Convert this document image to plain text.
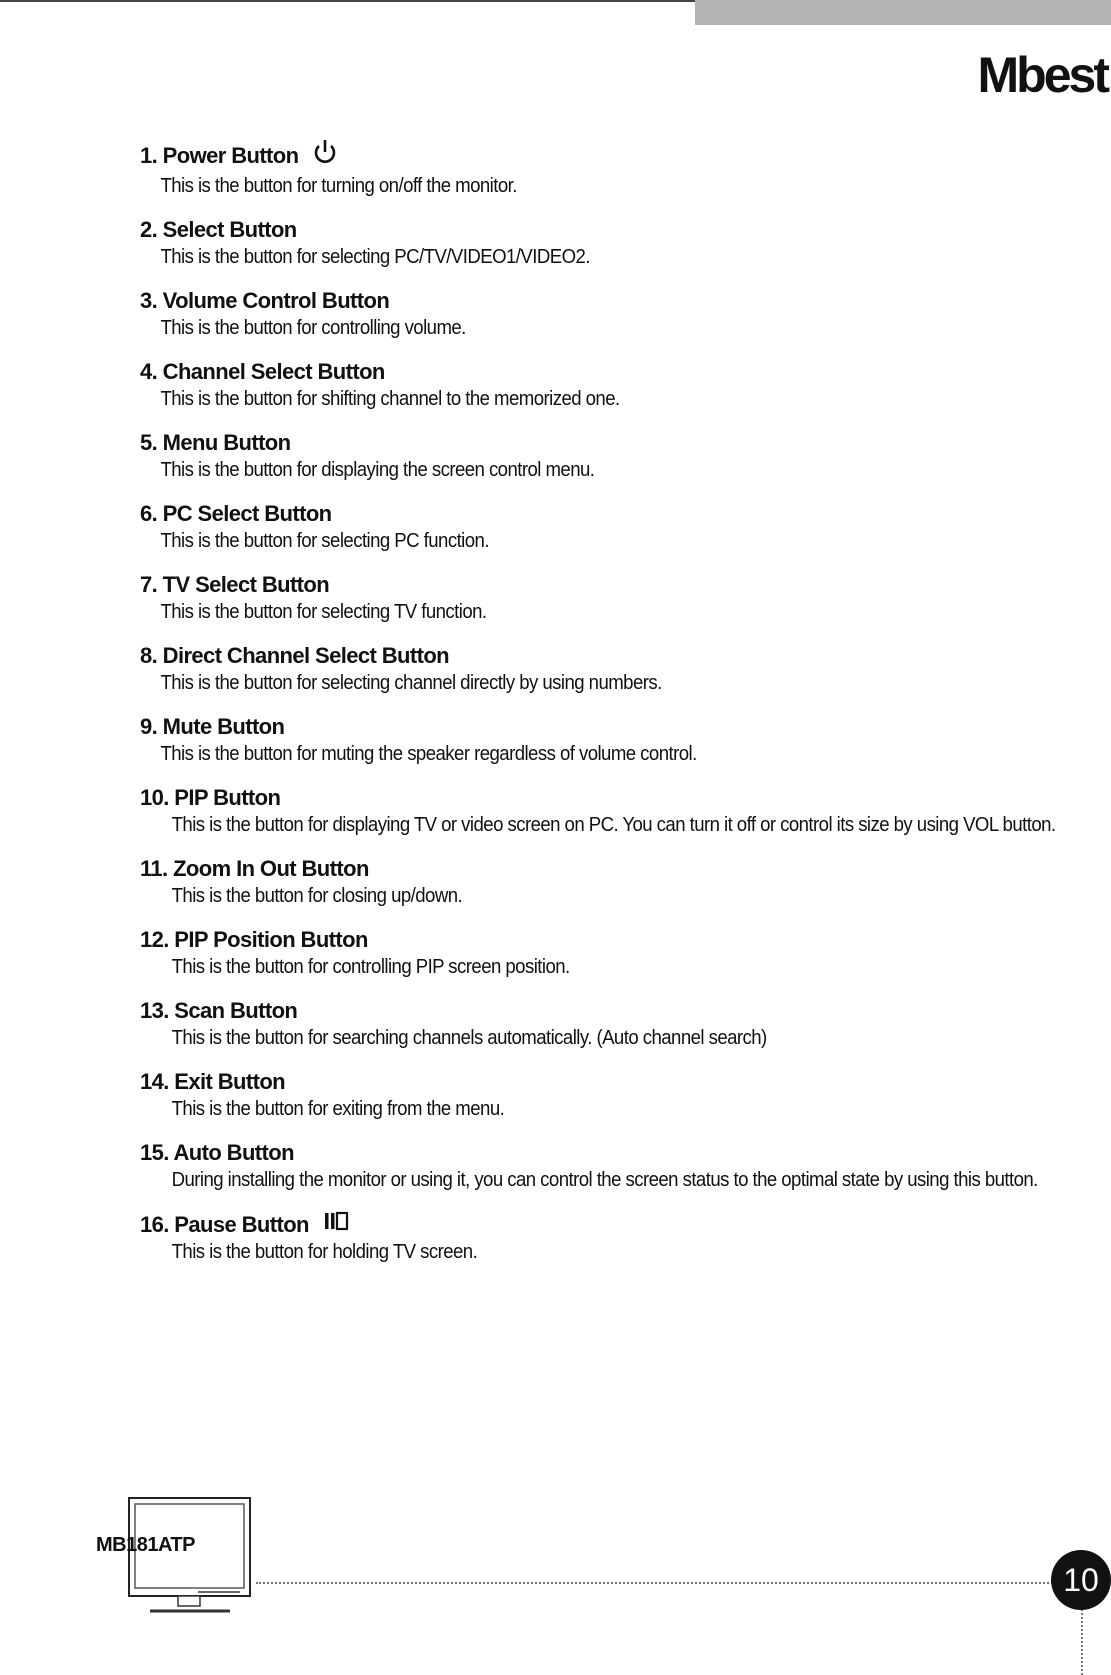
Mbest
1. Power Button
This is the button for turning on/off the monitor.
2. Select Button
This is the button for selecting PC/TV/VIDEO1/VIDEO2.
3. Volume Control Button
This is the button for controlling volume.
4. Channel Select Button
This is the button for shifting channel to the memorized one.
5. Menu Button
This is the button for displaying the screen control menu.
6. PC Select Button
This is the button for selecting PC function.
7. TV Select Button
This is the button for selecting TV function.
8. Direct Channel Select Button
This is the button for selecting channel directly by using numbers.
9. Mute Button
This is the button for muting the speaker regardless of volume control.
10. PIP Button
This is the button for displaying TV or video screen on PC. You can turn it off or control its size by using VOL button.
11. Zoom In Out Button
This is the button for closing up/down.
12. PIP Position Button
This is the button for controlling PIP screen position.
13. Scan Button
This is the button for searching channels automatically. (Auto channel search)
14. Exit Button
This is the button for exiting from the menu.
15. Auto Button
During installing the monitor or using it, you can control the screen status to the optimal state by using this button.
16. Pause Button
This is the button for holding TV screen.
MB181ATP
10
